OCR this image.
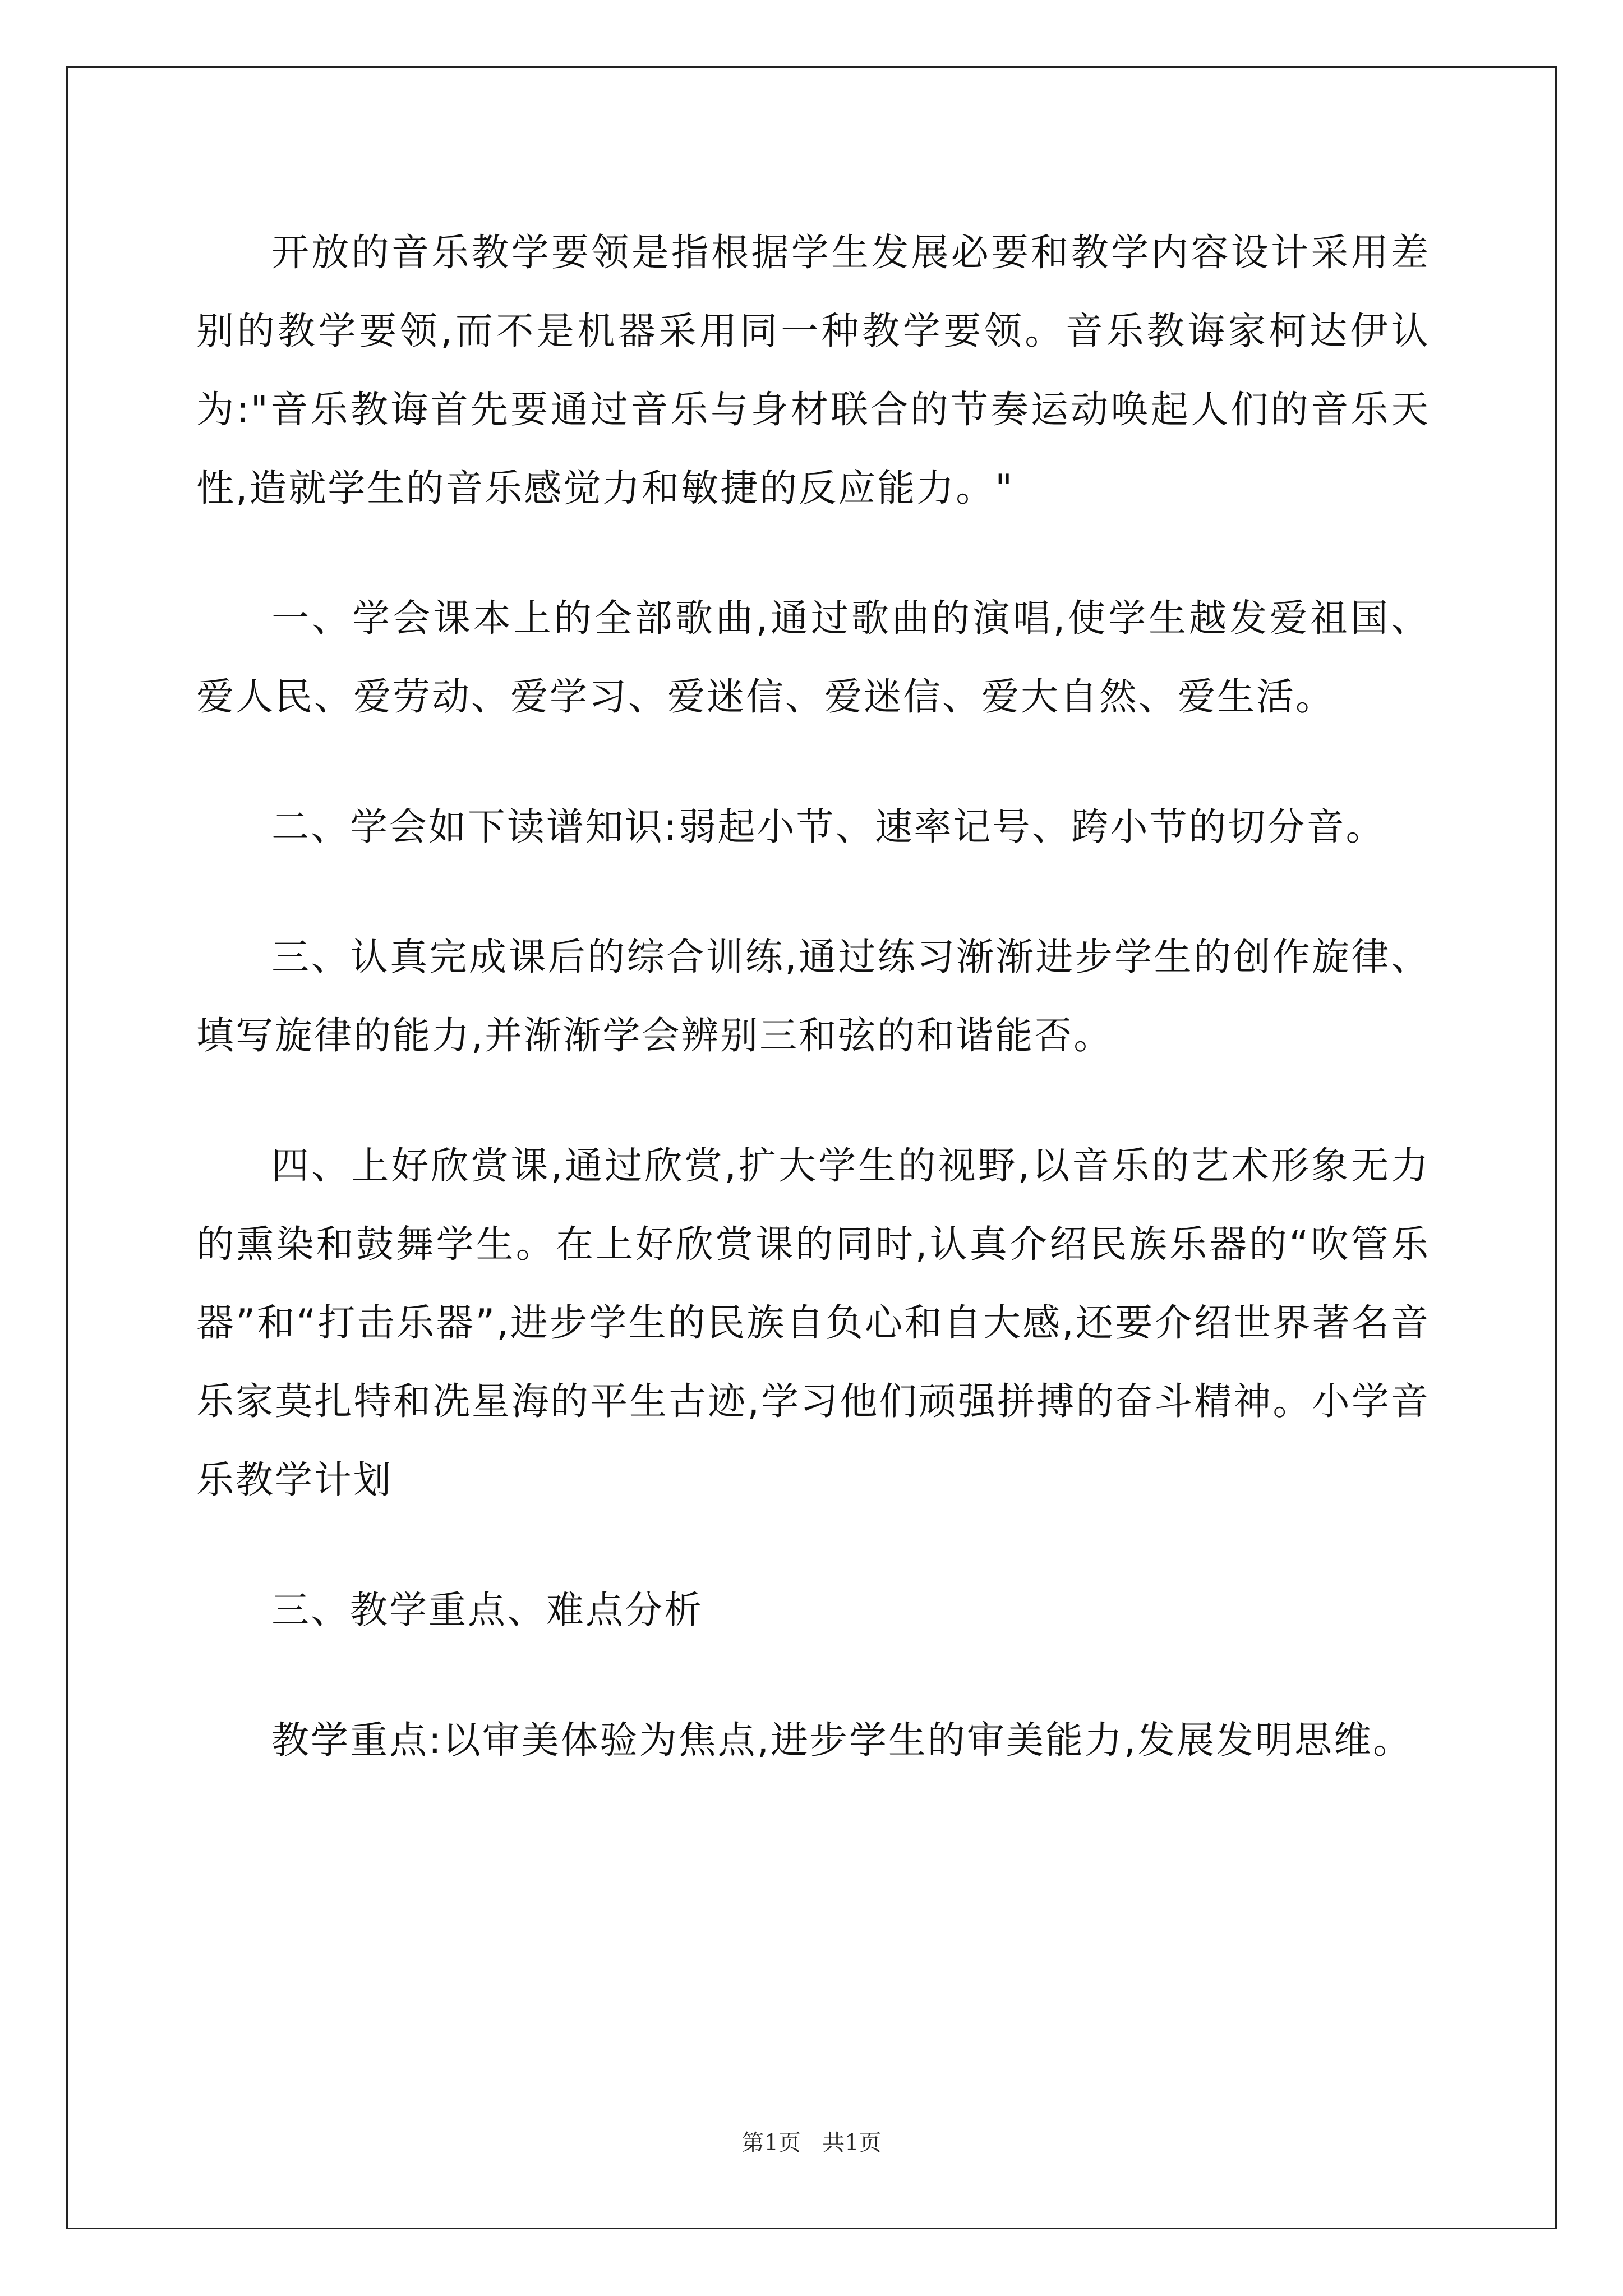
开放的音乐教学要领是指根据学生发展必要和教学内容设计采用差别的教学要领,而不是机器采用同一种教学要领。音乐教诲家柯达伊认为:"音乐教诲首先要通过音乐与身材联合的节奏运动唤起人们的音乐天性,造就学生的音乐感觉力和敏捷的反应能力。"

一、学会课本上的全部歌曲,通过歌曲的演唱,使学生越发爱祖国、爱人民、爱劳动、爱学习、爱迷信、爱迷信、爱大自然、爱生活。

二、学会如下读谱知识:弱起小节、速率记号、跨小节的切分音。

三、认真完成课后的综合训练,通过练习渐渐进步学生的创作旋律、填写旋律的能力,并渐渐学会辨别三和弦的和谐能否。

四、上好欣赏课,通过欣赏,扩大学生的视野,以音乐的艺术形象无力的熏染和鼓舞学生。在上好欣赏课的同时,认真介绍民族乐器的“吹管乐器”和“打击乐器”,进步学生的民族自负心和自大感,还要介绍世界著名音乐家莫扎特和冼星海的平生古迹,学习他们顽强拼搏的奋斗精神。小学音乐教学计划

三、教学重点、难点分析

教学重点:以审美体验为焦点,进步学生的审美能力,发展发明思维。

第1页 共1页
